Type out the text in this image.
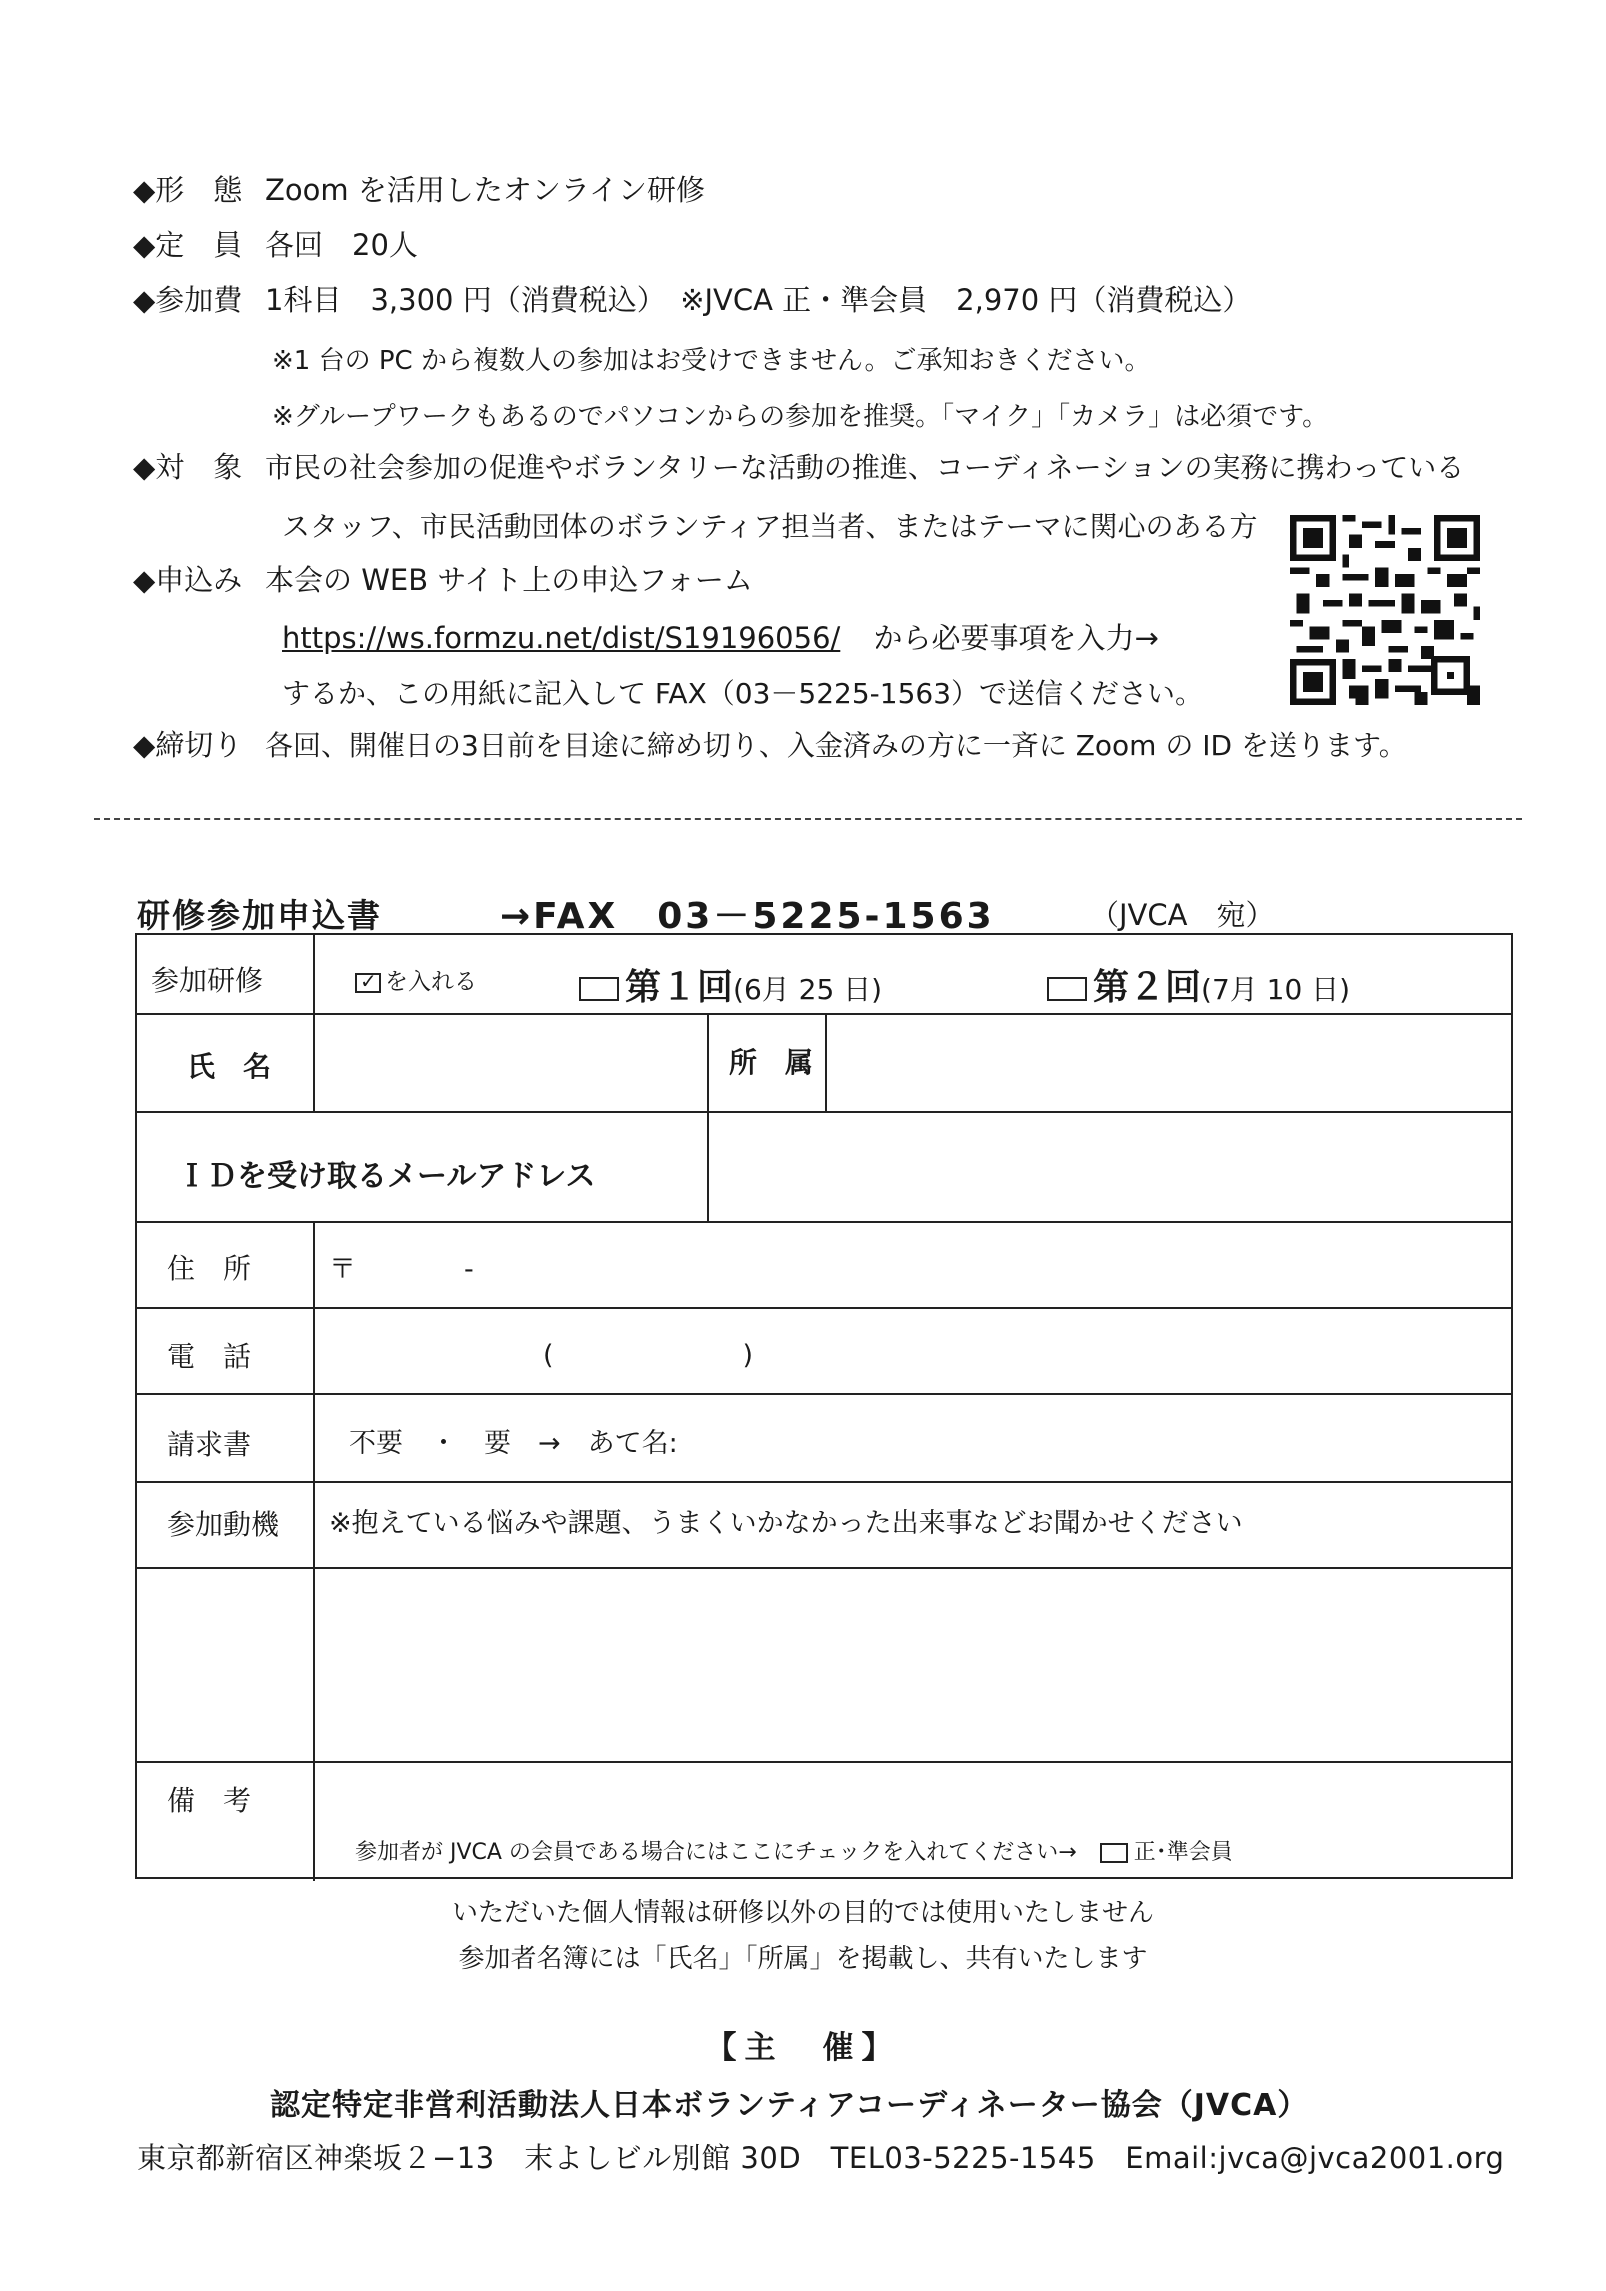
◆形　態 Zoom を活用したオンライン研修
◆定　員 各回　20人
◆参加費 1科目　3,300 円（消費税込）　※JVCA 正・準会員　2,970 円（消費税込）
※1 台の PC から複数人の参加はお受けできません。ご承知おきください。
※グループワークもあるのでパソコンからの参加を推奨。「マイク」「カメラ」は必須です。
◆対　象 市民の社会参加の促進やボランタリーな活動の推進、コーディネーションの実務に携わっている
スタッフ、市民活動団体のボランティア担当者、またはテーマに関心のある方
◆申込み 本会の WEB サイト上の申込フォーム
https://ws.formzu.net/dist/S19196056/ から必要事項を入力→
するか、この用紙に記入して FAX（03－5225-1563）で送信ください。
◆締切り 各回、開催日の3日前を目途に締め切り、入金済みの方に一斉に Zoom の ID を送ります。
研修参加申込書	→FAX　03－5225-1563	（JVCA　宛）
参加研修
✓	を入れる	第１回(6月 25 日)	第２回(7月 10 日)
氏　名	所　属
ＩＤを受け取るメールアドレス
住　所	〒　　　　-
電　話	(　　　　　　　)
請求書	不要　・　要　→　あて名:
参加動機 ※抱えている悩みや課題、うまくいかなかった出来事などお聞かせください
備　考
参加者が JVCA の会員である場合にはここにチェックを入れてください→	正･準会員
いただいた個人情報は研修以外の目的では使用いたしません
参加者名簿には「氏名」「所属」を掲載し、共有いたします
【主　催】
認定特定非営利活動法人日本ボランティアコーディネーター協会（JVCA）
東京都新宿区神楽坂２−13　末よしビル別館 30D　TEL03-5225-1545　Email:jvca@jvca2001.org
